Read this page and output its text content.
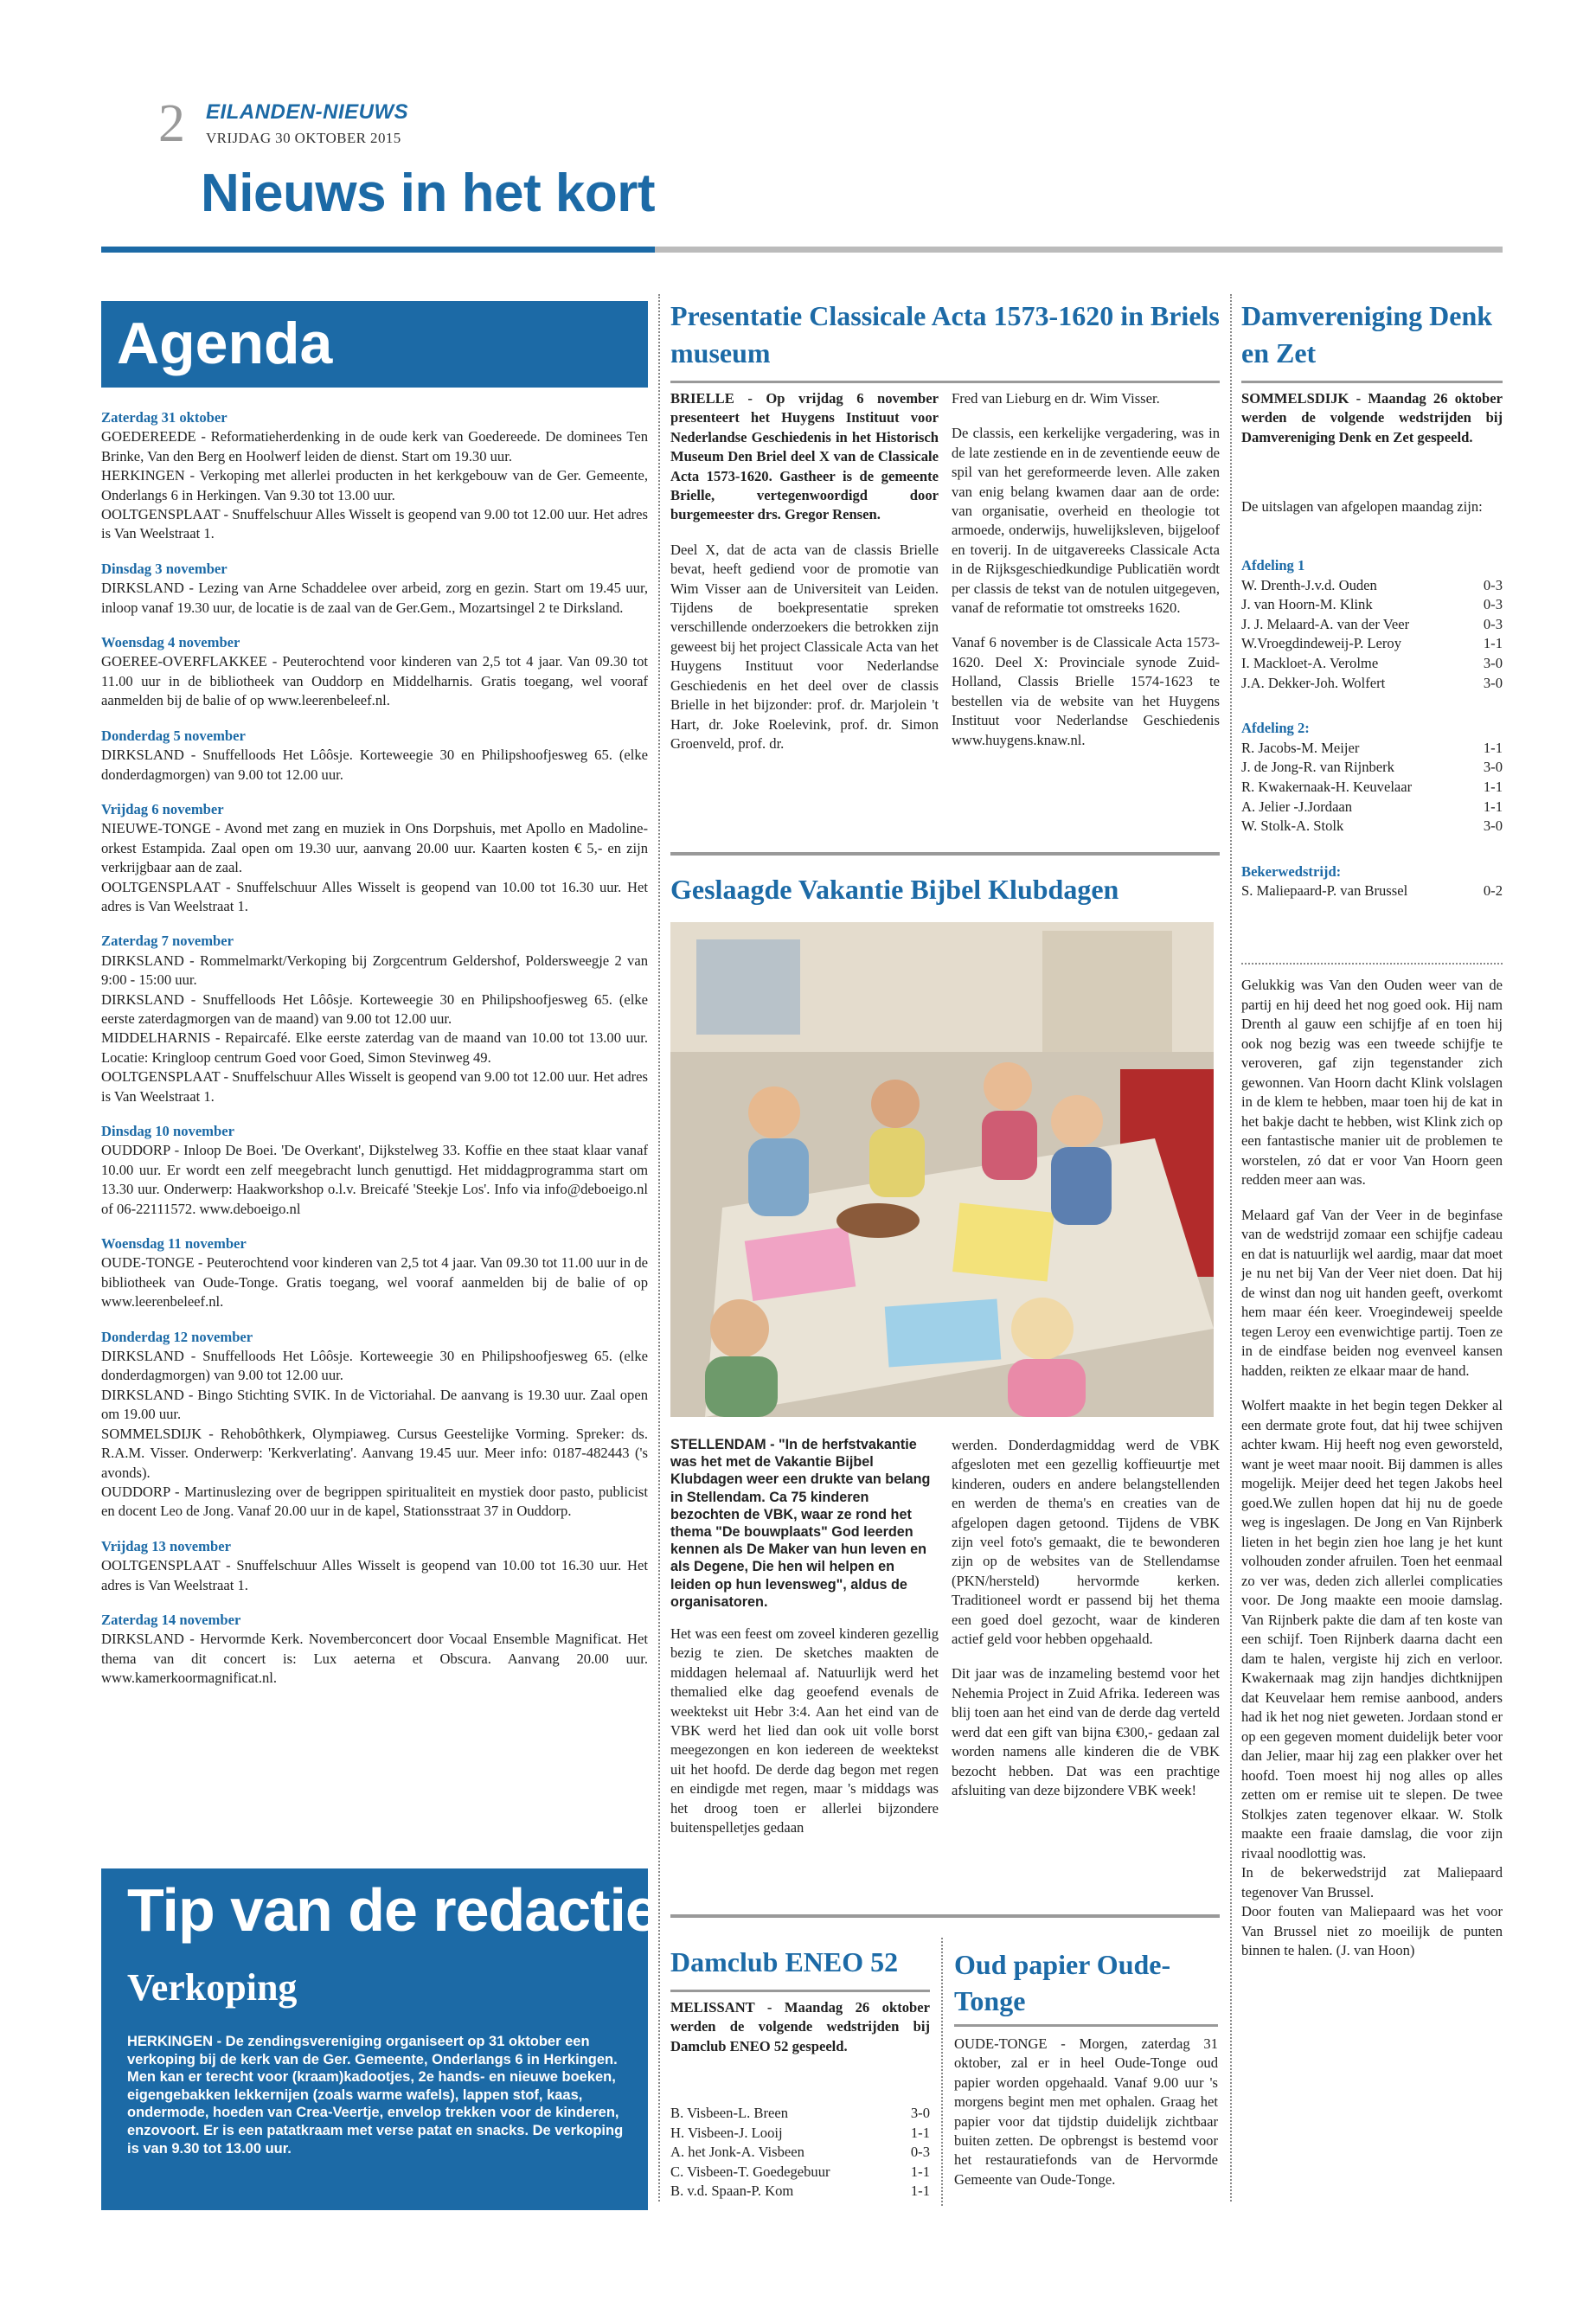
2 EILANDEN-NIEUWS
VRIJDAG 30 OKTOBER 2015
Nieuws in het kort
Agenda
Zaterdag 31 oktober
GOEDEREEDE - Reformatieherdenking in de oude kerk van Goedereede. De dominees Ten Brinke, Van den Berg en Hoolwerf leiden de dienst. Start om 19.30 uur.
HERKINGEN - Verkoping met allerlei producten in het kerkgebouw van de Ger. Gemeente, Onderlangs 6 in Herkingen. Van 9.30 tot 13.00 uur.
OOLTGENSPLAAT - Snuffelschuur Alles Wisselt is geopend van 9.00 tot 12.00 uur. Het adres is Van Weelstraat 1.
Dinsdag 3 november
DIRKSLAND - Lezing van Arne Schaddelee over arbeid, zorg en gezin. Start om 19.45 uur, inloop vanaf 19.30 uur, de locatie is de zaal van de Ger.Gem., Mozartsingel 2 te Dirksland.
Woensdag 4 november
GOEREE-OVERFLAKKEE - Peuterochtend voor kinderen van 2,5 tot 4 jaar. Van 09.30 tot 11.00 uur in de bibliotheek van Ouddorp en Middelharnis. Gratis toegang, wel vooraf aanmelden bij de balie of op www.leerenbeleef.nl.
Donderdag 5 november
DIRKSLAND - Snuffelloods Het Lôôsje. Korteweegie 30 en Philipshoofjesweg 65. (elke donderdagmorgen) van 9.00 tot 12.00 uur.
Vrijdag 6 november
NIEUWE-TONGE - Avond met zang en muziek in Ons Dorpshuis, met Apollo en Madoline-orkest Estampida. Zaal open om 19.30 uur, aanvang 20.00 uur. Kaarten kosten € 5,- en zijn verkrijgbaar aan de zaal.
OOLTGENSPLAAT - Snuffelschuur Alles Wisselt is geopend van 10.00 tot 16.30 uur. Het adres is Van Weelstraat 1.
Zaterdag 7 november
DIRKSLAND - Rommelmarkt/Verkoping bij Zorgcentrum Geldershof, Poldersweegje 2 van 9:00 - 15:00 uur.
DIRKSLAND - Snuffelloods Het Lôôsje. Korteweegie 30 en Philipshoofjesweg 65. (elke eerste zaterdagmorgen van de maand) van 9.00 tot 12.00 uur.
MIDDELHARNIS - Repaircafé. Elke eerste zaterdag van de maand van 10.00 tot 13.00 uur. Locatie: Kringloop centrum Goed voor Goed, Simon Stevinweg 49.
OOLTGENSPLAAT - Snuffelschuur Alles Wisselt is geopend van 9.00 tot 12.00 uur. Het adres is Van Weelstraat 1.
Dinsdag 10 november
OUDDORP - Inloop De Boei. 'De Overkant', Dijkstelweg 33. Koffie en thee staat klaar vanaf 10.00 uur. Er wordt een zelf meegebracht lunch genuttigd. Het middagprogramma start om 13.30 uur. Onderwerp: Haakworkshop o.l.v. Breicafé 'Steekje Los'. Info via info@deboeigo.nl of 06-22111572. www.deboeigo.nl
Woensdag 11 november
OUDE-TONGE - Peuterochtend voor kinderen van 2,5 tot 4 jaar. Van 09.30 tot 11.00 uur in de bibliotheek van Oude-Tonge. Gratis toegang, wel vooraf aanmelden bij de balie of op www.leerenbeleef.nl.
Donderdag 12 november
DIRKSLAND - Snuffelloods Het Lôôsje. Korteweegie 30 en Philipshoofjesweg 65. (elke donderdagmorgen) van 9.00 tot 12.00 uur.
DIRKSLAND - Bingo Stichting SVIK. In de Victoriahal. De aanvang is 19.30 uur. Zaal open om 19.00 uur.
SOMMELSDIJK - Rehobôthkerk, Olympiaweg. Cursus Geestelijke Vorming. Spreker: ds. R.A.M. Visser. Onderwerp: 'Kerkverlating'. Aanvang 19.45 uur. Meer info: 0187-482443 ('s avonds).
OUDDORP - Martinuslezing over de begrippen spiritualiteit en mystiek door pasto, publicist en docent Leo de Jong. Vanaf 20.00 uur in de kapel, Stationsstraat 37 in Ouddorp.
Vrijdag 13 november
OOLTGENSPLAAT - Snuffelschuur Alles Wisselt is geopend van 10.00 tot 16.30 uur. Het adres is Van Weelstraat 1.
Zaterdag 14 november
DIRKSLAND - Hervormde Kerk. Novemberconcert door Vocaal Ensemble Magnificat. Het thema van dit concert is: Lux aeterna et Obscura. Aanvang 20.00 uur. www.kamerkoormagnificat.nl.
Tip van de redactie
Verkoping
HERKINGEN - De zendingsvereniging organiseert op 31 oktober een verkoping bij de kerk van de Ger. Gemeente, Onderlangs 6 in Herkingen. Men kan er terecht voor (kraam)kadootjes, 2e hands- en nieuwe boeken, eigengebakken lekkernijen (zoals warme wafels), lappen stof, kaas, ondermode, hoeden van Crea-Veertje, envelop trekken voor de kinderen, enzovoort. Er is een patatkraam met verse patat en snacks. De verkoping is van 9.30 tot 13.00 uur.
Presentatie Classicale Acta 1573-1620 in Briels museum

BRIELLE - Op vrijdag 6 november presenteert het Huygens Instituut voor Nederlandse Geschiedenis in het Historisch Museum Den Briel deel X van de Classicale Acta 1573-1620. Gastheer is de gemeente Brielle, vertegenwoordigd door burgemeester drs. Gregor Rensen.

Deel X, dat de acta van de classis Brielle bevat, heeft gediend voor de promotie van Wim Visser aan de Universiteit van Leiden. Tijdens de boekpresentatie spreken verschillende onderzoekers die betrokken zijn geweest bij het project Classicale Acta van het Huygens Instituut voor Nederlandse Geschiedenis en het deel over de classis Brielle in het bijzonder: prof. dr. Marjolein 't Hart, dr. Joke Roelevink, prof. dr. Simon Groenveld, prof. dr.

Fred van Lieburg en dr. Wim Visser.

De classis, een kerkelijke vergadering, was in de late zestiende en in de zeventiende eeuw de spil van het gereformeerde leven. Alle zaken van enig belang kwamen daar aan de orde: van organisatie, overheid en theologie tot armoede, onderwijs, huwelijksleven, bijgeloof en toverij. In de uitgavereeks Classicale Acta in de Rijksgeschiedkundige Publicatiën wordt per classis de tekst van de notulen uitgegeven, vanaf de reformatie tot omstreeks 1620.

Vanaf 6 november is de Classicale Acta 1573-1620. Deel X: Provinciale synode Zuid-Holland, Classis Brielle 1574-1623 te bestellen via de website van het Huygens Instituut voor Nederlandse Geschiedenis www.huygens.knaw.nl.

Geslaagde Vakantie Bijbel Klubdagen

STELLENDAM - "In de herfstvakantie was het met de Vakantie Bijbel Klubdagen weer een drukte van belang in Stellendam. Ca 75 kinderen bezochten de VBK, waar ze rond het thema "De bouwplaats" God leerden kennen als De Maker van hun leven en als Degene, Die hen wil helpen en leiden op hun levensweg", aldus de organisatoren.

Het was een feest om zoveel kinderen gezellig bezig te zien. De sketches maakten de middagen helemaal af. Natuurlijk werd het themalied elke dag geoefend evenals de weektekst uit Hebr 3:4. Aan het eind van de VBK werd het lied dan ook uit volle borst meegezongen en kon iedereen de weektekst uit het hoofd. De derde dag begon met regen en eindigde met regen, maar 's middags was het droog toen er allerlei bijzondere buitenspelletjes gedaan

werden. Donderdagmiddag werd de VBK afgesloten met een gezellig koffieuurtje met kinderen, ouders en andere belangstellenden en werden de thema's en creaties van de afgelopen dagen getoond. Tijdens de VBK zijn veel foto's gemaakt, die te bewonderen zijn op de websites van de Stellendamse (PKN/hersteld) hervormde kerken. Traditioneel wordt er passend bij het thema een goed doel gezocht, waar de kinderen actief geld voor hebben opgehaald.

Dit jaar was de inzameling bestemd voor het Nehemia Project in Zuid Afrika. Iedereen was blij toen aan het eind van de derde dag verteld werd dat een gift van bijna €300,- gedaan zal worden namens alle kinderen die de VBK bezocht hebben. Dat was een prachtige afsluiting van deze bijzondere VBK week!

Damclub ENEO 52
MELISSANT - Maandag 26 oktober werden de volgende wedstrijden bij Damclub ENEO 52 gespeeld.
B. Visbeen-L. Breen	3-0
H. Visbeen-J. Looij	1-1
A. het Jonk-A. Visbeen	0-3
C. Visbeen-T. Goedegebuur	1-1
B. v.d. Spaan-P. Kom	1-1
Oud papier Oude-Tonge
OUDE-TONGE - Morgen, zaterdag 31 oktober, zal er in heel Oude-Tonge oud papier worden opgehaald. Vanaf 9.00 uur 's morgens begint men met ophalen. Graag het papier voor dat tijdstip duidelijk zichtbaar buiten zetten. De opbrengst is bestemd voor het restauratiefonds van de Hervormde Gemeente van Oude-Tonge.
Damvereniging Denk en Zet
SOMMELSDIJK - Maandag 26 oktober werden de volgende wedstrijden bij Damvereniging Denk en Zet gespeeld.
De uitslagen van afgelopen maandag zijn:
Afdeling 1
W. Drenth-J.v.d. Ouden	0-3
J. van Hoorn-M. Klink	0-3
J. J. Melaard-A. van der Veer	0-3
W.Vroegdindeweij-P. Leroy	1-1
I. Mackloet-A. Verolme	3-0
J.A. Dekker-Joh. Wolfert	3-0
Afdeling 2:
R. Jacobs-M. Meijer	1-1
J. de Jong-R. van Rijnberk	3-0
R. Kwakernaak-H. Keuvelaar	1-1
A. Jelier -J.Jordaan	1-1
W. Stolk-A. Stolk	3-0
Bekerwedstrijd:
S. Maliepaard-P. van Brussel	0-2

Gelukkig was Van den Ouden weer van de partij en hij deed het nog goed ook. Hij nam Drenth al gauw een schijfje af en toen hij ook nog bezig was een tweede schijfje te veroveren, gaf zijn tegenstander zich gewonnen. Van Hoorn dacht Klink volslagen in de klem te hebben, maar toen hij de kat in het bakje dacht te hebben, wist Klink zich op een fantastische manier uit de problemen te worstelen, zó dat er voor Van Hoorn geen redden meer aan was.

Melaard gaf Van der Veer in de beginfase van de wedstrijd zomaar een schijfje cadeau en dat is natuurlijk wel aardig, maar dat moet je nu net bij Van der Veer niet doen. Dat hij de winst dan nog uit handen geeft, overkomt hem maar één keer. Vroegindeweij speelde tegen Leroy een evenwichtige partij. Toen ze in de eindfase beiden nog evenveel kansen hadden, reikten ze elkaar maar de hand.

Wolfert maakte in het begin tegen Dekker al een dermate grote fout, dat hij twee schijven achter kwam. Hij heeft nog even geworsteld, want je weet maar nooit. Bij dammen is alles mogelijk. Meijer deed het tegen Jakobs heel goed.We zullen hopen dat hij nu de goede weg is ingeslagen. De Jong en Van Rijnberk lieten in het begin zien hoe lang je het kunt volhouden zonder afruilen. Toen het eenmaal zo ver was, deden zich allerlei complicaties voor. De Jong maakte een mooie damslag. Van Rijnberk pakte die dam af ten koste van een schijf. Toen Rijnberk daarna dacht een dam te halen, vergiste hij zich en verloor. Kwakernaak mag zijn handjes dichtknijpen dat Keuvelaar hem remise aanbood, anders had ik het nog niet geweten. Jordaan stond er op een gegeven moment duidelijk beter voor dan Jelier, maar hij zag een plakker over het hoofd. Toen moest hij nog alles op alles zetten om er remise uit te slepen. De twee Stolkjes zaten tegenover elkaar. W. Stolk maakte een fraaie damslag, die voor zijn rivaal noodlottig was.

In de bekerwedstrijd zat Maliepaard tegenover Van Brussel.

Door fouten van Maliepaard was het voor Van Brussel niet zo moeilijk de punten binnen te halen. (J. van Hoon)
